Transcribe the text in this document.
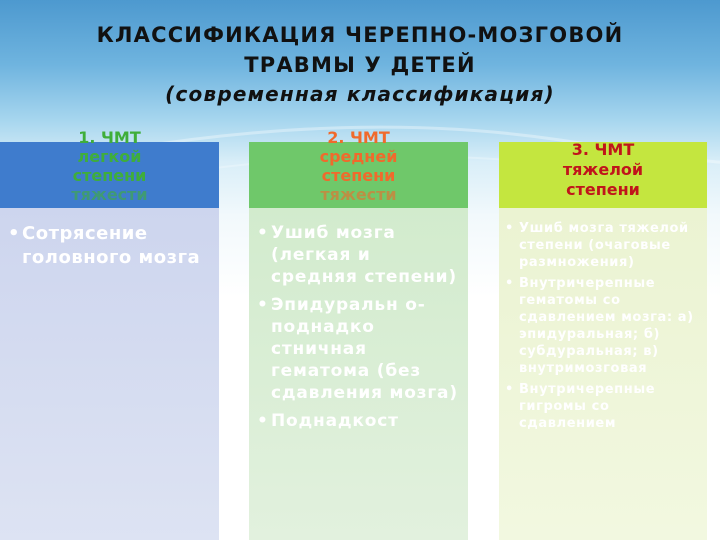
КЛАССИФИКАЦИЯ ЧЕРЕПНО-МОЗГОВОЙ
ТРАВМЫ У ДЕТЕЙ
(современная классификация)
1. ЧМТ
легкой
степени
тяжести
• Сотрясение головного мозга
2. ЧМТ
средней
степени
тяжести
• Ушиб мозга (легкая и средняя степени)
• Эпидуральн о-поднадко стничная гематома (без сдавления мозга)
• Поднадкост
3. ЧМТ
тяжелой
степени
• Ушиб мозга тяжелой степени (очаговые размножения)
• Внутричерепные гематомы со сдавлением мозга: а) эпидуральная; б) субдуральная; в) внутримозговая
• Внутричерепные гигромы со сдавлением
